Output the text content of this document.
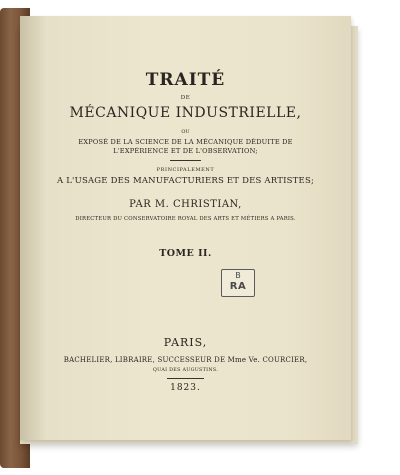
TRAITÉ
DE
MÉCANIQUE INDUSTRIELLE,
OU
EXPOSÉ DE LA SCIENCE DE LA MÉCANIQUE DÉDUITE DE
L'EXPÉRIENCE ET DE L'OBSERVATION;
PRINCIPALEMENT
A L'USAGE DES MANUFACTURIERS ET DES ARTISTES;
PAR M. CHRISTIAN,
DIRECTEUR DU CONSERVATOIRE ROYAL DES ARTS ET MÉTIERS A PARIS.
TOME II.
B
RA
PARIS,
BACHELIER, LIBRAIRE, SUCCESSEUR DE Mme Ve. COURCIER,
QUAI DES AUGUSTINS.
1823.
